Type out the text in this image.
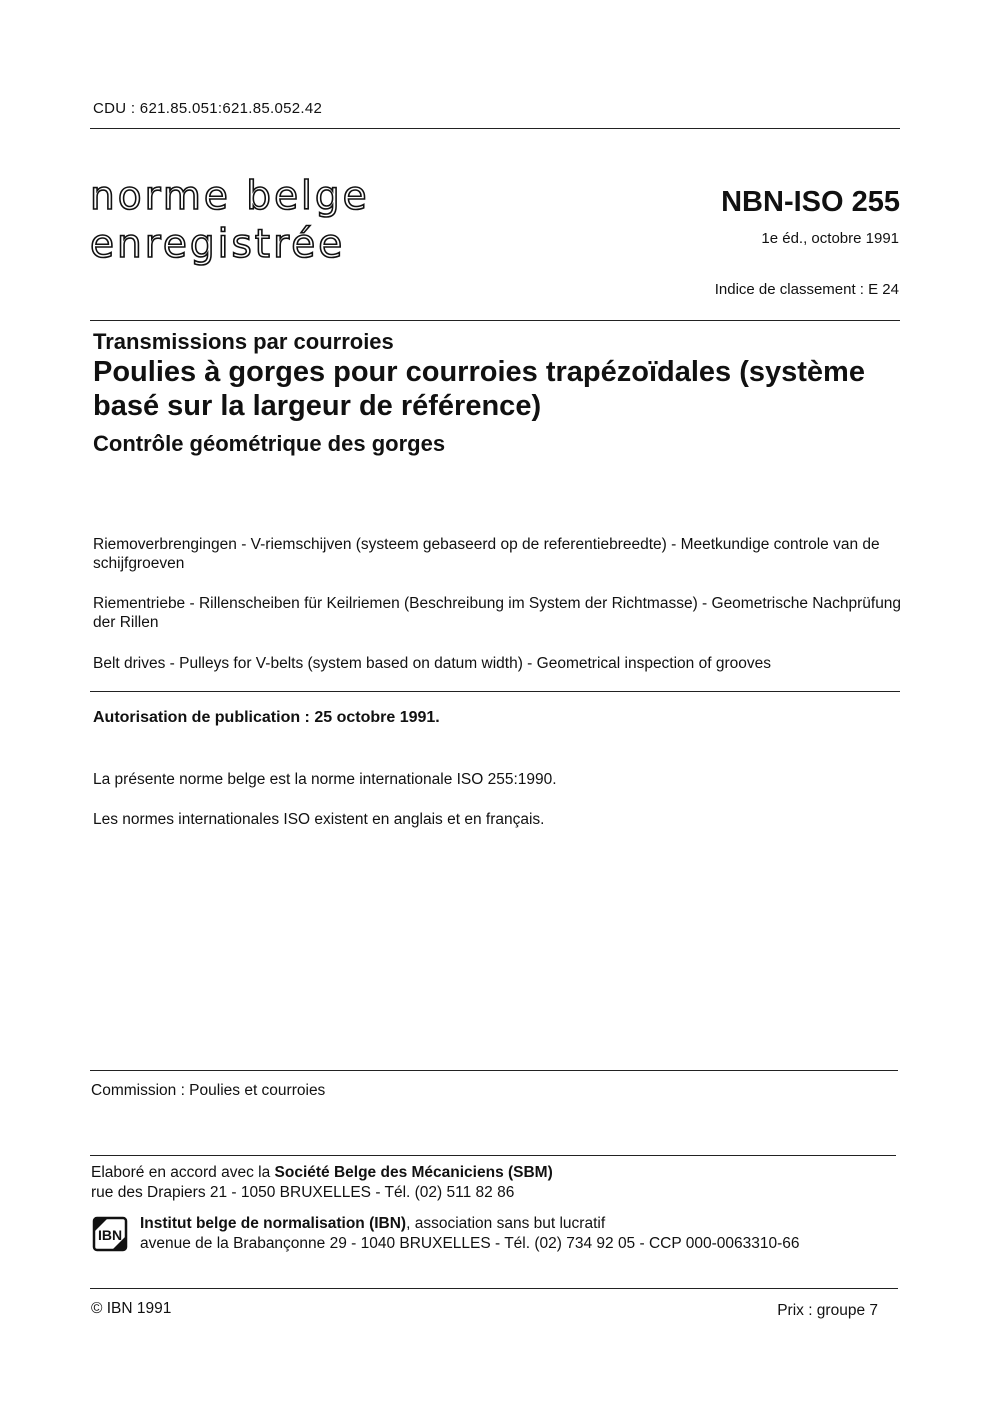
CDU : 621.85.051:621.85.052.42
norme belge
enregistrée
NBN-ISO 255
1e éd., octobre 1991
Indice de classement : E 24
Transmissions par courroies
Poulies à gorges pour courroies trapézoïdales (système basé sur la largeur de référence)
Contrôle géométrique des gorges
Riemoverbrengingen - V-riemschijven (systeem gebaseerd op de referentiebreedte) - Meetkundige controle van de schijfgroeven
Riementriebe - Rillenscheiben für Keilriemen (Beschreibung im System der Richtmasse) - Geometrische Nachprüfung der Rillen
Belt drives - Pulleys for V-belts (system based on datum width) - Geometrical inspection of grooves
Autorisation de publication : 25 octobre 1991.
La présente norme belge est la norme internationale ISO 255:1990.
Les normes internationales ISO existent en anglais et en français.
Commission : Poulies et courroies
Elaboré en accord avec la Société Belge des Mécaniciens (SBM)
rue des Drapiers 21 - 1050 BRUXELLES - Tél. (02) 511 82 86
IBN
Institut belge de normalisation (IBN), association sans but lucratif
avenue de la Brabançonne 29 - 1040 BRUXELLES - Tél. (02) 734 92 05 - CCP 000-0063310-66
© IBN 1991	Prix : groupe 7
